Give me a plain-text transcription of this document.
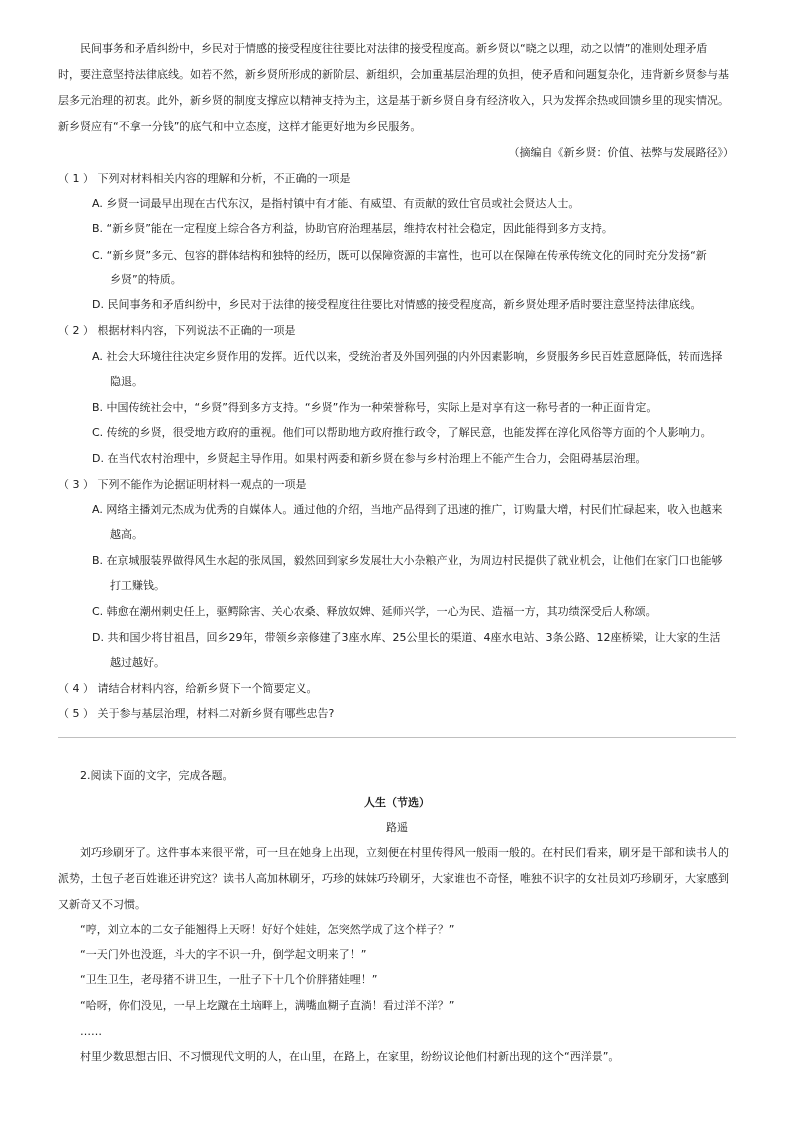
民间事务和矛盾纠纷中，乡民对于情感的接受程度往往要比对法律的接受程度高。新乡贤以“晓之以理，动之以情”的准则处理矛盾
时，要注意坚持法律底线。如若不然，新乡贤所形成的新阶层、新组织，会加重基层治理的负担，使矛盾和问题复杂化，违背新乡贤参与基
层多元治理的初衷。此外，新乡贤的制度支撑应以精神支持为主，这是基于新乡贤自身有经济收入，只为发挥余热或回馈乡里的现实情况。
新乡贤应有“不拿一分钱”的底气和中立态度，这样才能更好地为乡民服务。
（摘编自《新乡贤：价值、祛弊与发展路径》）
（ 1 ） 下列对材料相关内容的理解和分析，不正确的一项是
A. 乡贤一词最早出现在古代东汉，是指村镇中有才能、有威望、有贡献的致仕官员或社会贤达人士。
B. “新乡贤”能在一定程度上综合各方利益，协助官府治理基层，维持农村社会稳定，因此能得到多方支持。
C. “新乡贤”多元、包容的群体结构和独特的经历，既可以保障资源的丰富性，也可以在保障在传承传统文化的同时充分发扬“新
乡贤”的特质。
D. 民间事务和矛盾纠纷中，乡民对于法律的接受程度往往要比对情感的接受程度高，新乡贤处理矛盾时要注意坚持法律底线。
（ 2 ） 根据材料内容，下列说法不正确的一项是
A. 社会大环境往往决定乡贤作用的发挥。近代以来，受统治者及外国列强的内外因素影响，乡贤服务乡民百姓意愿降低，转而选择
隐退。
B. 中国传统社会中，“乡贤”得到多方支持。“乡贤”作为一种荣誉称号，实际上是对享有这一称号者的一种正面肯定。
C. 传统的乡贤，很受地方政府的重视。他们可以帮助地方政府推行政令，了解民意，也能发挥在淳化风俗等方面的个人影响力。
D. 在当代农村治理中，乡贤起主导作用。如果村两委和新乡贤在参与乡村治理上不能产生合力，会阻碍基层治理。
（ 3 ） 下列不能作为论据证明材料一观点的一项是
A. 网络主播刘元杰成为优秀的自媒体人。通过他的介绍，当地产品得到了迅速的推广，订购量大增，村民们忙碌起来，收入也越来
越高。
B. 在京城服装界做得风生水起的张凤国，毅然回到家乡发展壮大小杂粮产业，为周边村民提供了就业机会，让他们在家门口也能够
打工赚钱。
C. 韩愈在潮州刺史任上，驱鳄除害、关心农桑、释放奴婢、延师兴学，一心为民、造福一方，其功绩深受后人称颂。
D. 共和国少将甘祖昌，回乡29年，带领乡亲修建了3座水库、25公里长的渠道、4座水电站、3条公路、12座桥梁，让大家的生活
越过越好。
（ 4 ） 请结合材料内容，给新乡贤下一个简要定义。
（ 5 ） 关于参与基层治理，材料二对新乡贤有哪些忠告?
2.阅读下面的文字，完成各题。
人生（节选）
路遥
刘巧珍刷牙了。这件事本来很平常，可一旦在她身上出现，立刻便在村里传得风一般雨一般的。在村民们看来，刷牙是干部和读书人的
派势，土包子老百姓谁还讲究这？读书人高加林刷牙，巧珍的妹妹巧玲刷牙，大家谁也不奇怪，唯独不识字的女社员刘巧珍刷牙，大家感到
又新奇又不习惯。
“哼，刘立本的二女子能翘得上天呀！好好个娃娃，怎突然学成了这个样子？”
“一天门外也没逛，斗大的字不识一升，倒学起文明来了！”
“卫生卫生，老母猪不讲卫生，一肚子下十几个价胖猪娃哩！”
“哈呀，你们没见，一早上圪蹴在土垴畔上，满嘴血糊子直淌！看过洋不洋？”
……
村里少数思想古旧、不习惯现代文明的人，在山里，在路上，在家里，纷纷议论他们村新出现的这个“西洋景”。
